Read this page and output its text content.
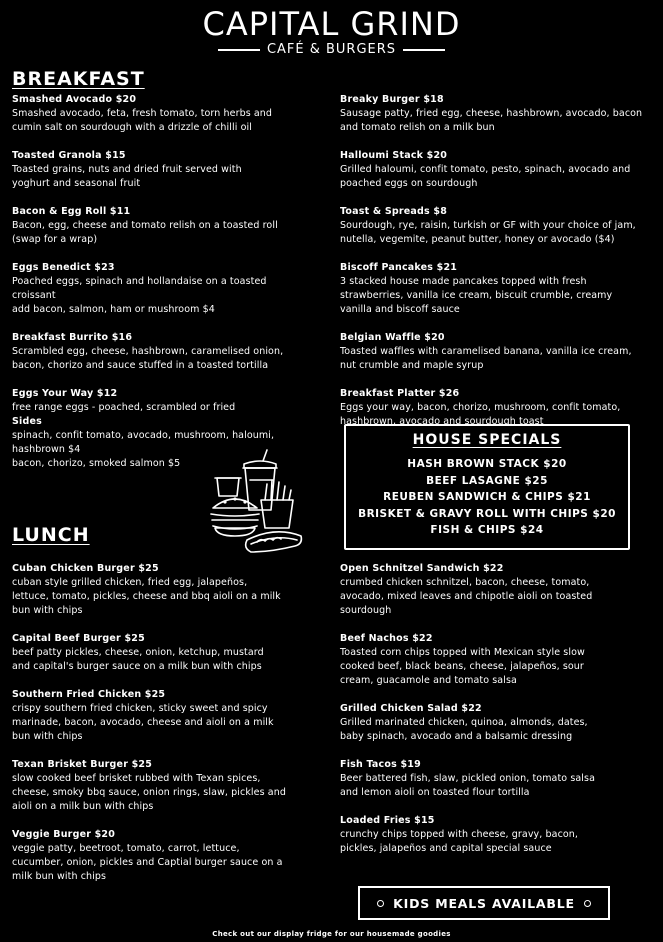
CAPITAL GRIND
CAFÉ & BURGERS
BREAKFAST
Smashed Avocado $20
Smashed avocado, feta, fresh tomato, torn herbs and
cumin salt on sourdough with a drizzle of chilli oil
Toasted Granola $15
Toasted grains, nuts and dried fruit served with
yoghurt and seasonal fruit
Bacon & Egg Roll $11
Bacon, egg, cheese and tomato relish on a toasted roll
(swap for a wrap)
Eggs Benedict $23
Poached eggs, spinach and hollandaise on a toasted
croissant
add bacon, salmon, ham or mushroom $4
Breakfast Burrito $16
Scrambled egg, cheese, hashbrown, caramelised onion,
bacon, chorizo and sauce stuffed in a toasted tortilla
Eggs Your Way $12
free range eggs - poached, scrambled or fried
Sides
spinach, confit tomato, avocado, mushroom, haloumi,
hashbrown $4
bacon, chorizo, smoked salmon $5
Breaky Burger $18
Sausage patty, fried egg, cheese, hashbrown, avocado, bacon
and tomato relish on a milk bun
Halloumi Stack $20
Grilled haloumi, confit tomato, pesto, spinach, avocado and
poached eggs on sourdough
Toast & Spreads $8
Sourdough, rye, raisin, turkish or GF with your choice of jam,
nutella, vegemite, peanut butter, honey or avocado ($4)
Biscoff Pancakes $21
3 stacked house made pancakes topped with fresh
strawberries, vanilla ice cream, biscuit crumble, creamy
vanilla and biscoff sauce
Belgian Waffle $20
Toasted waffles with caramelised banana, vanilla ice cream,
nut crumble and maple syrup
Breakfast Platter $26
Eggs your way, bacon, chorizo, mushroom, confit tomato,
hashbrown, avocado and sourdough toast
HOUSE SPECIALS
HASH BROWN STACK $20
BEEF LASAGNE $25
REUBEN SANDWICH & CHIPS $21
BRISKET & GRAVY ROLL WITH CHIPS $20
FISH & CHIPS $24
LUNCH
Cuban Chicken Burger $25
cuban style grilled chicken, fried egg, jalapeños,
lettuce, tomato, pickles, cheese and bbq aioli on a milk
bun with chips
Capital Beef Burger $25
beef patty pickles, cheese, onion, ketchup, mustard
and capital's burger sauce on a milk bun with chips
Southern Fried Chicken $25
crispy southern fried chicken, sticky sweet and spicy
marinade, bacon, avocado, cheese and aioli on a milk
bun with chips
Texan Brisket Burger $25
slow cooked beef brisket rubbed with Texan spices,
cheese, smoky bbq sauce, onion rings, slaw, pickles and
aioli on a milk bun with chips
Veggie Burger $20
veggie patty, beetroot, tomato, carrot, lettuce,
cucumber, onion, pickles and Captial burger sauce on a
milk bun with chips
Open Schnitzel Sandwich $22
crumbed chicken schnitzel, bacon, cheese, tomato,
avocado, mixed leaves and chipotle aioli on toasted
sourdough
Beef Nachos $22
Toasted corn chips topped with Mexican style slow
cooked beef, black beans, cheese, jalapeños, sour
cream, guacamole and tomato salsa
Grilled Chicken Salad $22
Grilled marinated chicken, quinoa, almonds, dates,
baby spinach, avocado and a balsamic dressing
Fish Tacos $19
Beer battered fish, slaw, pickled onion, tomato salsa
and lemon aioli on toasted flour tortilla
Loaded Fries $15
crunchy chips topped with cheese, gravy, bacon,
pickles, jalapeños and capital special sauce
KIDS MEALS AVAILABLE
Check out our display fridge for our housemade goodies
